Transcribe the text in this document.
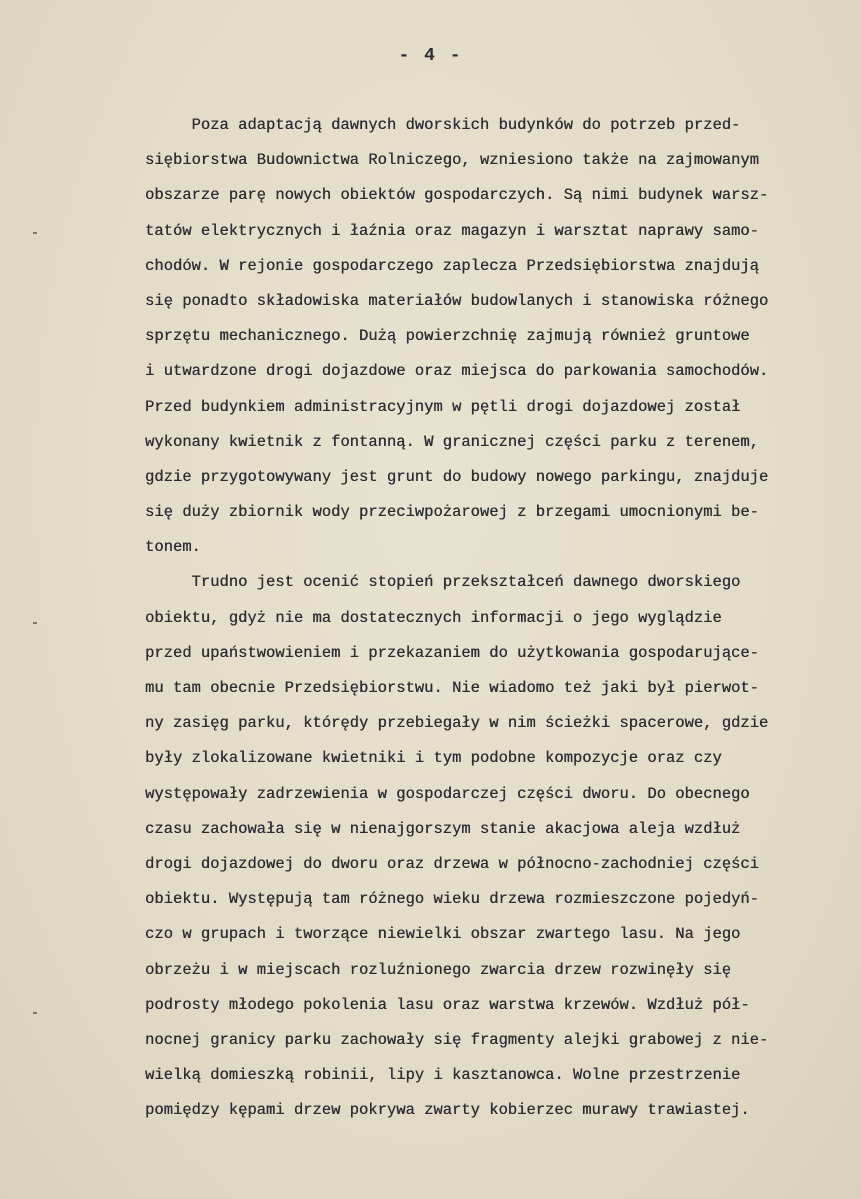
- 4 -
Poza adaptacją dawnych dworskich budynków do potrzeb przed-
siębiorstwa Budownictwa Rolniczego, wzniesiono także na zajmowanym
obszarze parę nowych obiektów gospodarczych. Są nimi budynek warsz-
tatów elektrycznych i łaźnia oraz magazyn i warsztat naprawy samo-
chodów. W rejonie gospodarczego zaplecza Przedsiębiorstwa znajdują
się ponadto składowiska materiałów budowlanych i stanowiska różnego
sprzętu mechanicznego. Dużą powierzchnię zajmują również gruntowe
i utwardzone drogi dojazdowe oraz miejsca do parkowania samochodów.
Przed budynkiem administracyjnym w pętli drogi dojazdowej został
wykonany kwietnik z fontanną. W granicznej części parku z terenem,
gdzie przygotowywany jest grunt do budowy nowego parkingu, znajduje
się duży zbiornik wody przeciwpożarowej z brzegami umocnionymi be-
tonem.
Trudno jest ocenić stopień przekształceń dawnego dworskiego
obiektu, gdyż nie ma dostatecznych informacji o jego wyglądzie
przed upaństwowieniem i przekazaniem do użytkowania gospodarujące-
mu tam obecnie Przedsiębiorstwu. Nie wiadomo też jaki był pierwot-
ny zasięg parku, którędy przebiegały w nim ścieżki spacerowe, gdzie
były zlokalizowane kwietniki i tym podobne kompozycje oraz czy
występowały zadrzewienia w gospodarczej części dworu. Do obecnego
czasu zachowała się w nienajgorszym stanie akacjowa aleja wzdłuż
drogi dojazdowej do dworu oraz drzewa w północno-zachodniej części
obiektu. Występują tam różnego wieku drzewa rozmieszczone pojedyń-
czo w grupach i tworzące niewielki obszar zwartego lasu. Na jego
obrzeżu i w miejscach rozluźnionego zwarcia drzew rozwinęły się
podrosty młodego pokolenia lasu oraz warstwa krzewów. Wzdłuż pół-
nocnej granicy parku zachowały się fragmenty alejki grabowej z nie-
wielką domieszką robinii, lipy i kasztanowca. Wolne przestrzenie
pomiędzy kępami drzew pokrywa zwarty kobierzec murawy trawiastej.
